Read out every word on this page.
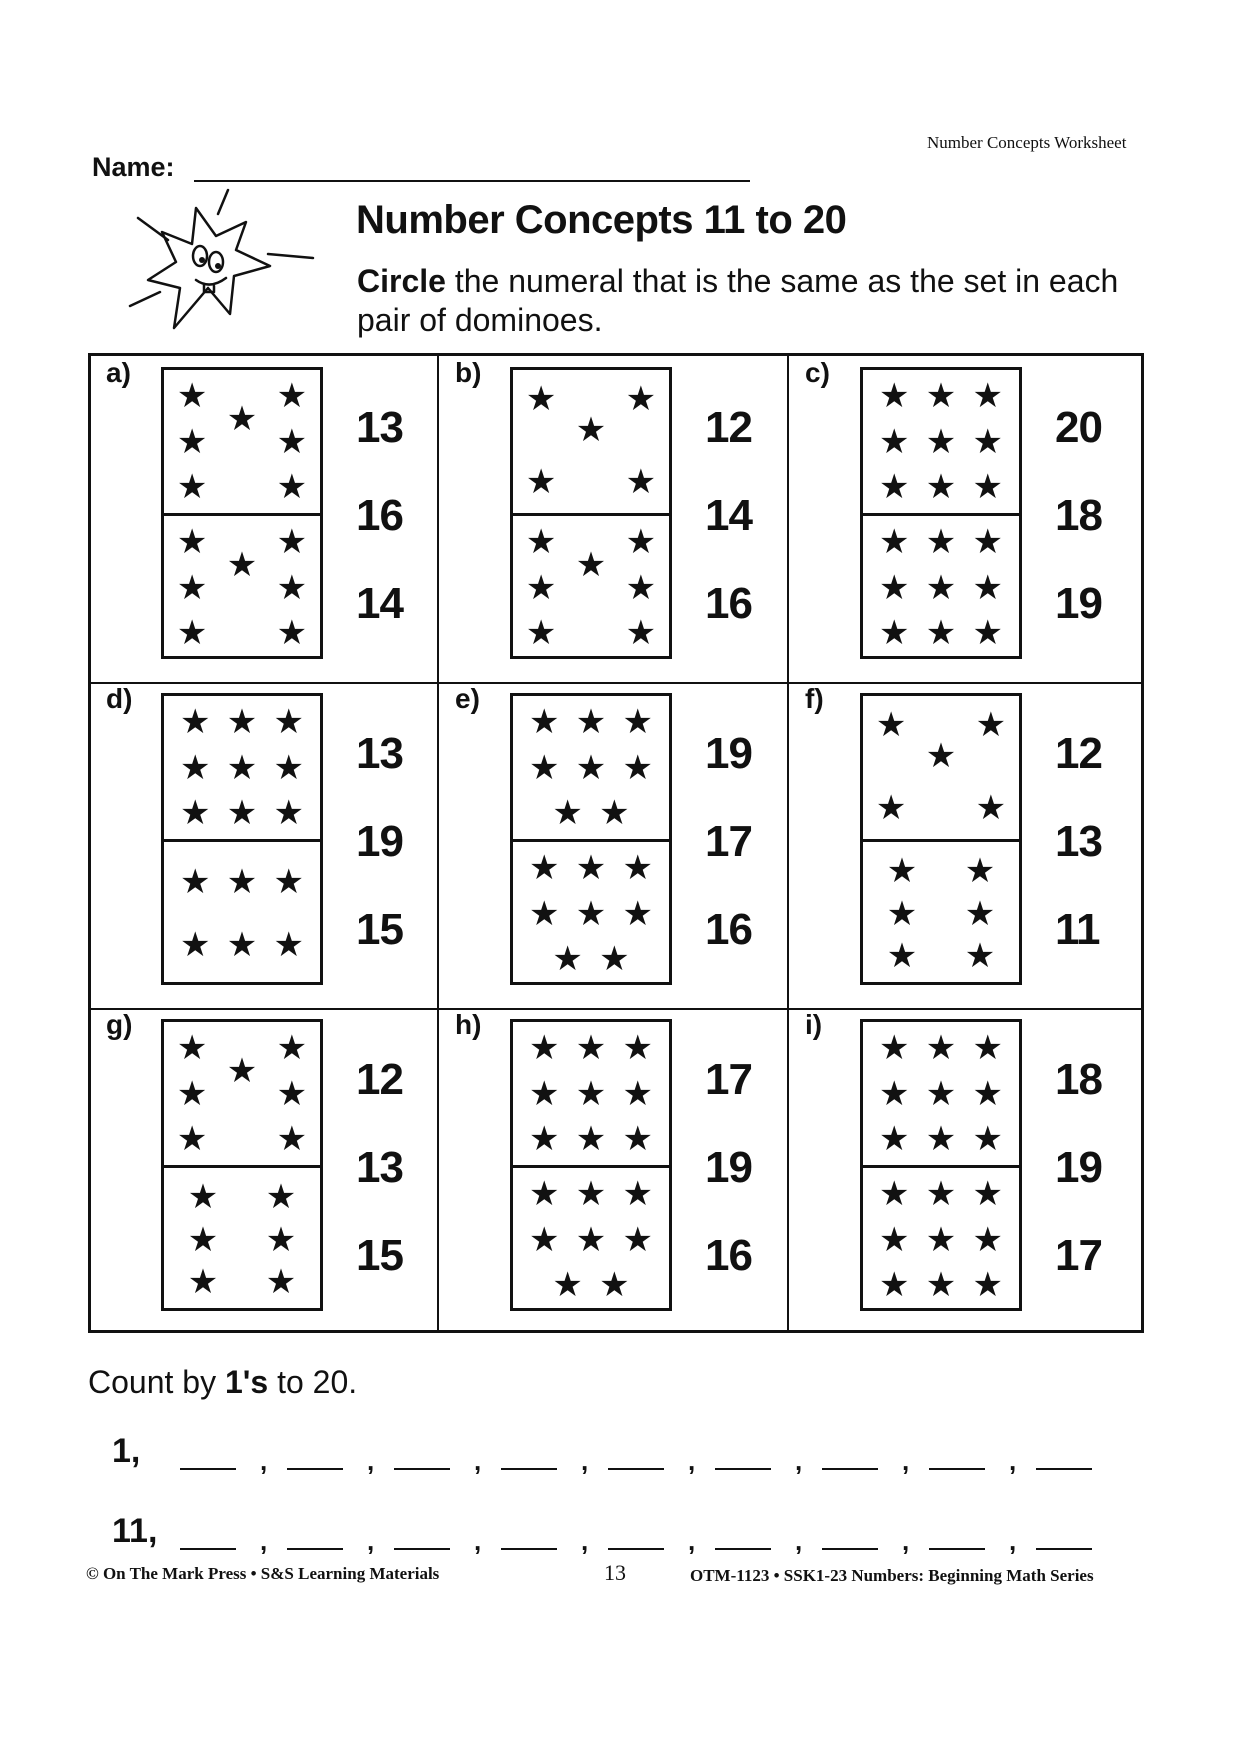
Number Concepts Worksheet
Name:
Number Concepts 11 to 20
Circle the numeral that is the same as the set in each pair of dominoes.
a)
★ ★
★
★ ★
★ ★
★ ★
★
★ ★
★ ★
13
16
14
b)
★ ★
★
★ ★
★ ★
★
★ ★
★ ★
12
14
16
c)
★ ★ ★
★ ★ ★
★ ★ ★
★ ★ ★
★ ★ ★
★ ★ ★
20
18
19
d)
★ ★ ★
★ ★ ★
★ ★ ★
★ ★ ★
★ ★ ★
13
19
15
e)
★ ★ ★
★ ★ ★
★ ★
★ ★ ★
★ ★ ★
★ ★
19
17
16
f)
★ ★
★
★ ★
★ ★
★ ★
★ ★
12
13
11
g)
★ ★
★
★ ★
★ ★
★ ★
★ ★
★ ★
12
13
15
h)
★ ★ ★
★ ★ ★
★ ★ ★
★ ★ ★
★ ★ ★
★ ★
17
19
16
i)
★ ★ ★
★ ★ ★
★ ★ ★
★ ★ ★
★ ★ ★
★ ★ ★
18
19
17
Count by 1's to 20.
1,	,	,	,	,	,	,	,	,
11,	,	,	,	,	,	,	,	,
© On The Mark Press • S&S Learning Materials	13	OTM-1123 • SSK1-23 Numbers: Beginning Math Series
